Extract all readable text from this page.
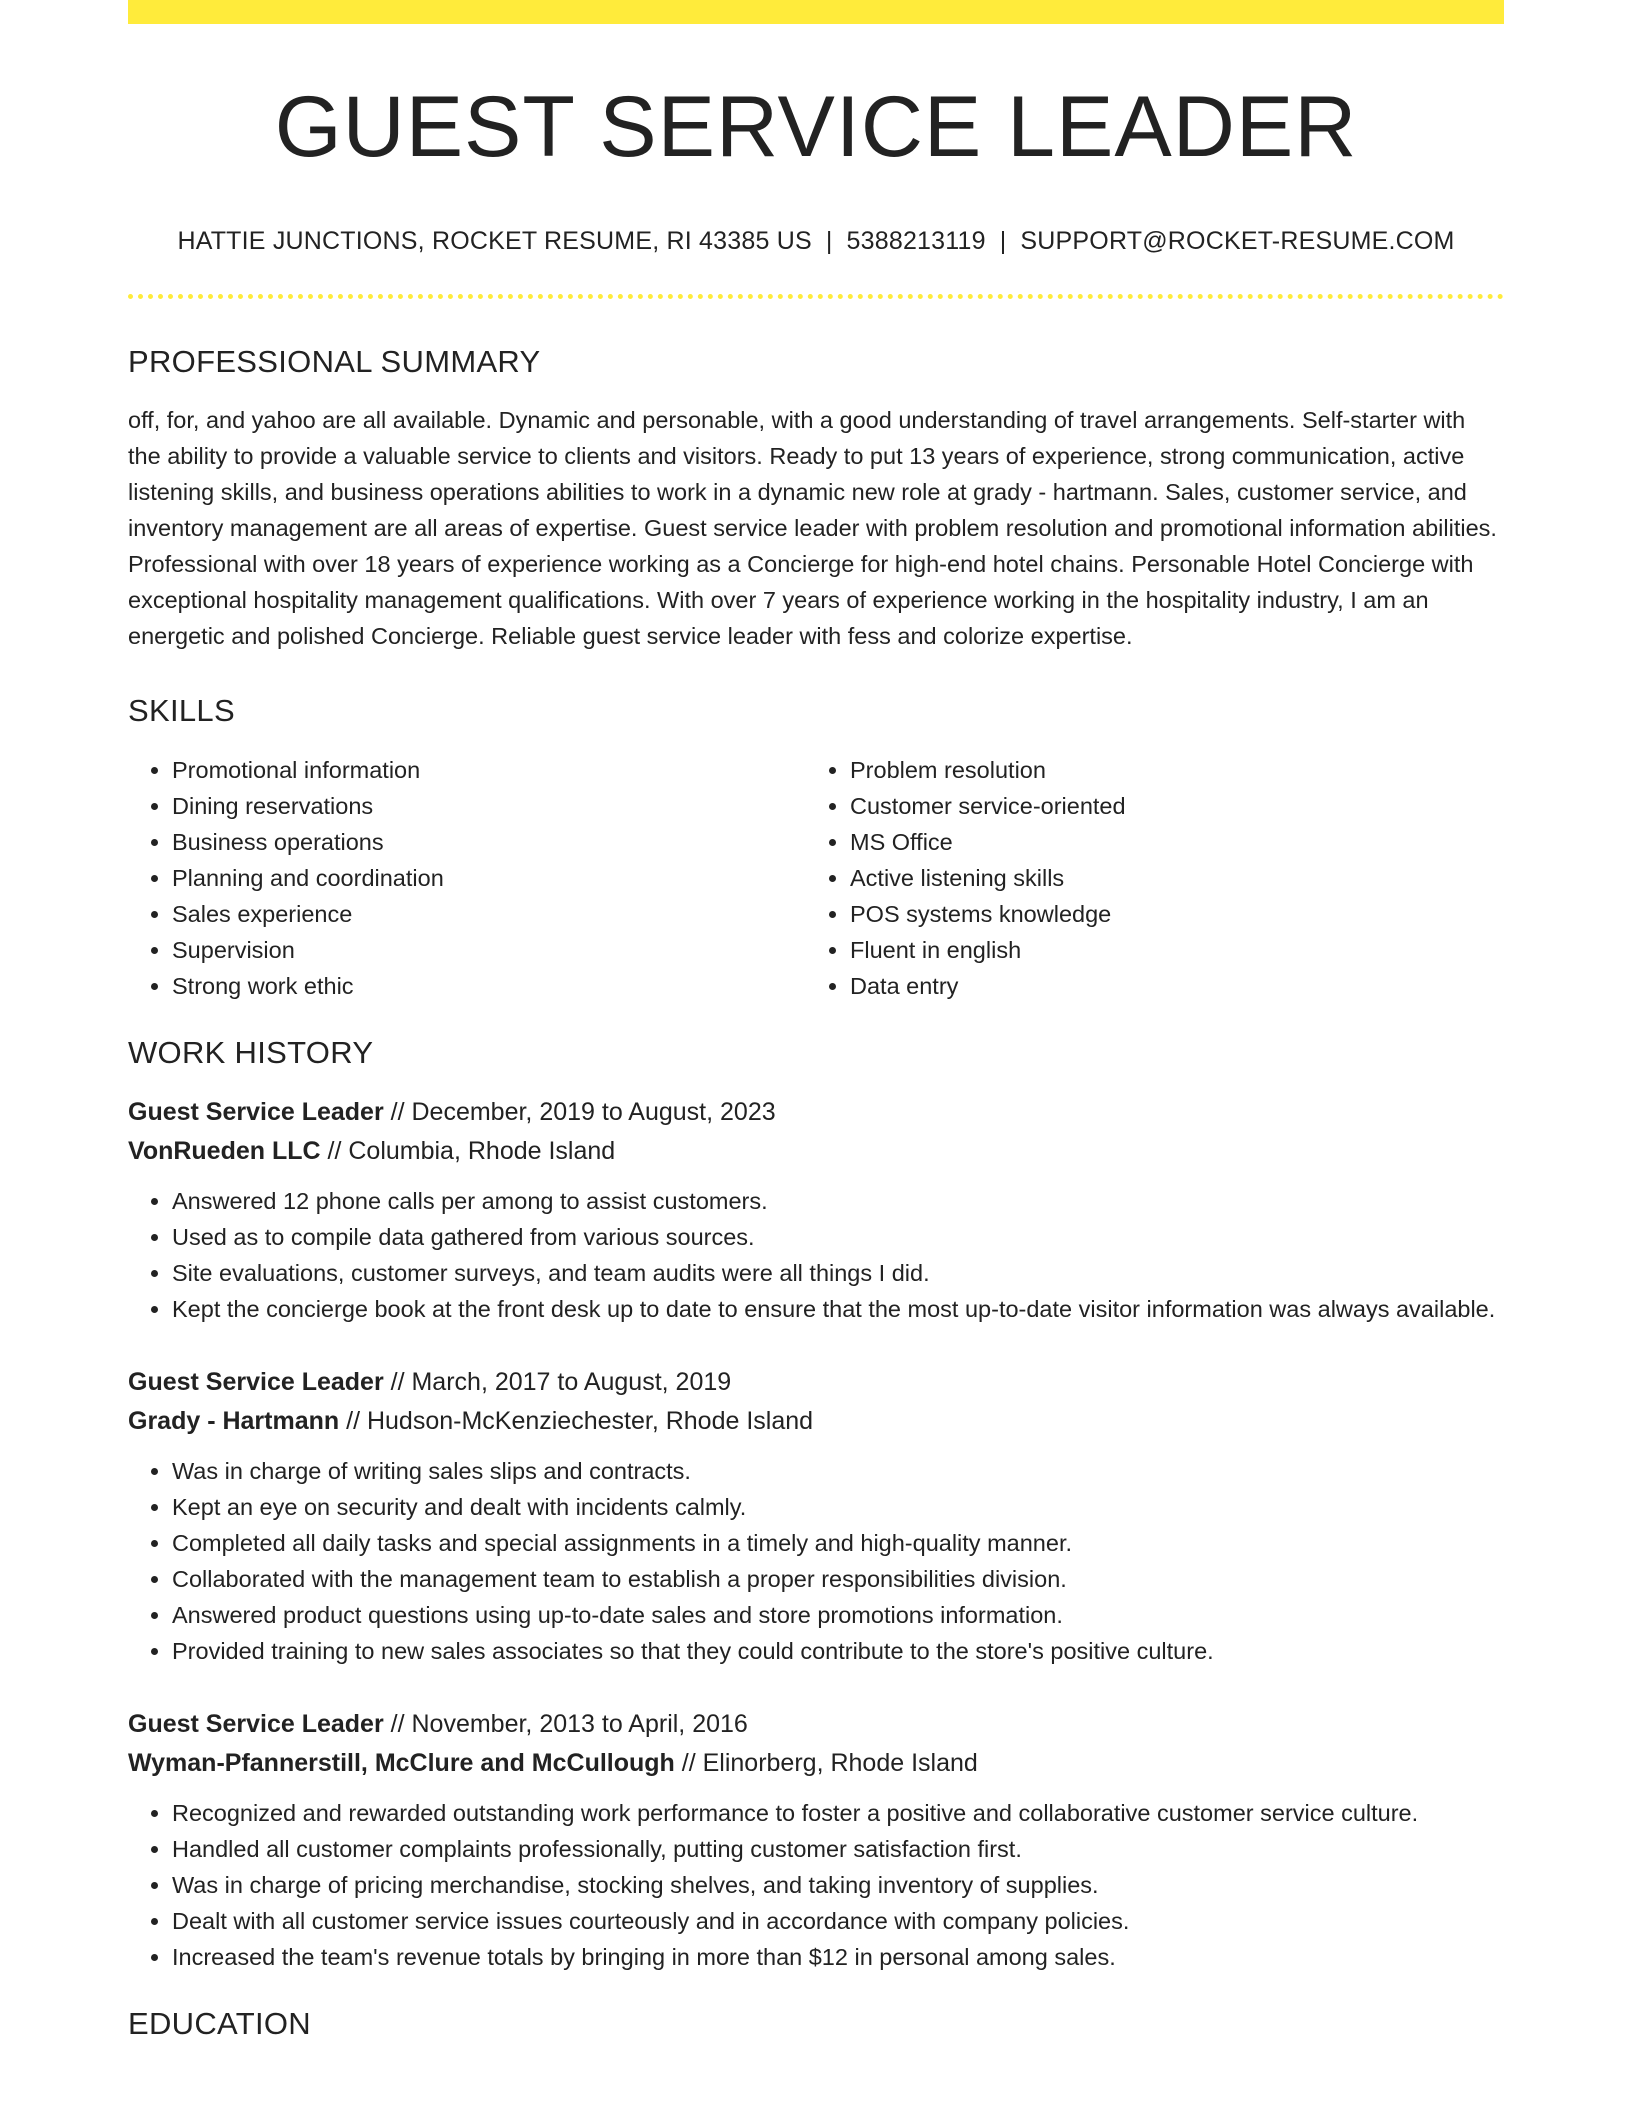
GUEST SERVICE LEADER
HATTIE JUNCTIONS, ROCKET RESUME, RI 43385 US | 5388213119 | SUPPORT@ROCKET-RESUME.COM
PROFESSIONAL SUMMARY

off, for, and yahoo are all available. Dynamic and personable, with a good understanding of travel arrangements. Self-starter with the ability to provide a valuable service to clients and visitors. Ready to put 13 years of experience, strong communication, active listening skills, and business operations abilities to work in a dynamic new role at grady - hartmann. Sales, customer service, and inventory management are all areas of expertise. Guest service leader with problem resolution and promotional information abilities. Professional with over 18 years of experience working as a Concierge for high-end hotel chains. Personable Hotel Concierge with exceptional hospitality management qualifications. With over 7 years of experience working in the hospitality industry, I am an energetic and polished Concierge. Reliable guest service leader with fess and colorize expertise.

SKILLS
• Promotional information
• Dining reservations
• Business operations
• Planning and coordination
• Sales experience
• Supervision
• Strong work ethic
• Problem resolution
• Customer service-oriented
• MS Office
• Active listening skills
• POS systems knowledge
• Fluent in english
• Data entry
WORK HISTORY
Guest Service Leader // December, 2019 to August, 2023
VonRueden LLC // Columbia, Rhode Island
• Answered 12 phone calls per among to assist customers.
• Used as to compile data gathered from various sources.
• Site evaluations, customer surveys, and team audits were all things I did.
• Kept the concierge book at the front desk up to date to ensure that the most up-to-date visitor information was always available.
Guest Service Leader // March, 2017 to August, 2019
Grady - Hartmann // Hudson-McKenziechester, Rhode Island
• Was in charge of writing sales slips and contracts.
• Kept an eye on security and dealt with incidents calmly.
• Completed all daily tasks and special assignments in a timely and high-quality manner.
• Collaborated with the management team to establish a proper responsibilities division.
• Answered product questions using up-to-date sales and store promotions information.
• Provided training to new sales associates so that they could contribute to the store's positive culture.
Guest Service Leader // November, 2013 to April, 2016
Wyman-Pfannerstill, McClure and McCullough // Elinorberg, Rhode Island
• Recognized and rewarded outstanding work performance to foster a positive and collaborative customer service culture.
• Handled all customer complaints professionally, putting customer satisfaction first.
• Was in charge of pricing merchandise, stocking shelves, and taking inventory of supplies.
• Dealt with all customer service issues courteously and in accordance with company policies.
• Increased the team's revenue totals by bringing in more than $12 in personal among sales.
EDUCATION
